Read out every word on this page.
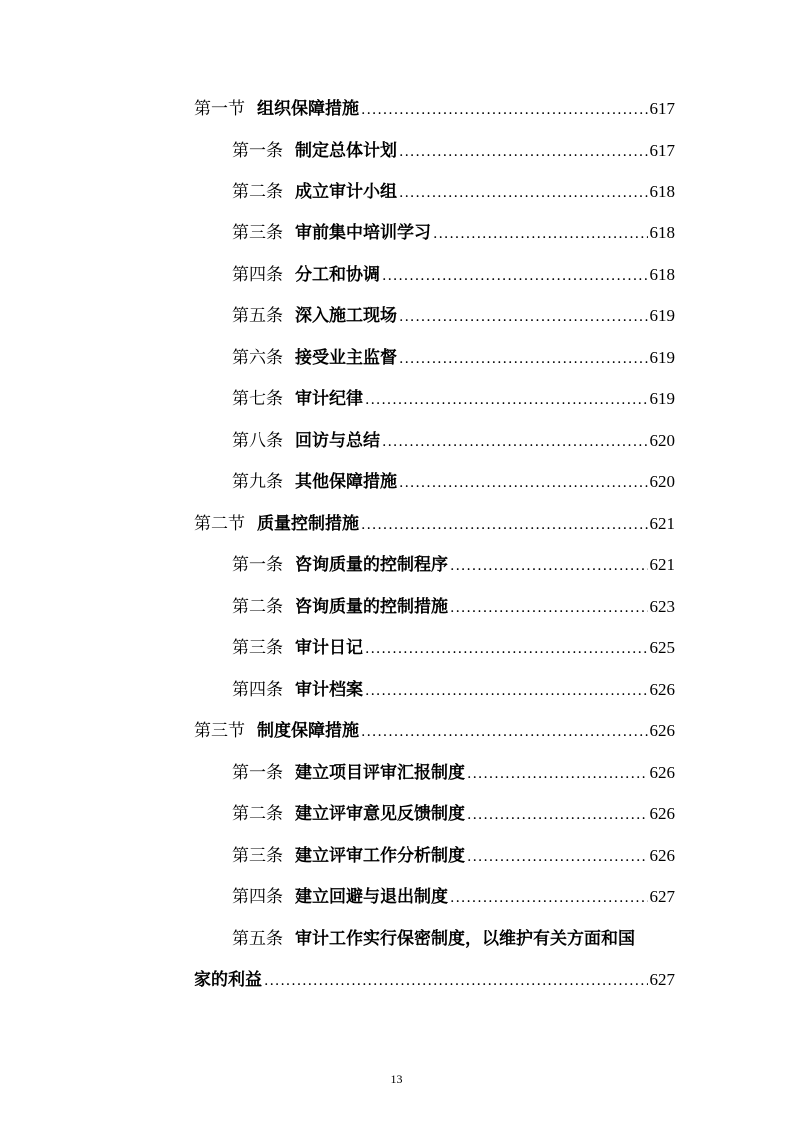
第一节 组织保障措施 .....	617
第一条 制定总体计划 .....	617
第二条 成立审计小组 .....	618
第三条 审前集中培训学习 .....	618
第四条 分工和协调 .....	618
第五条 深入施工现场 .....	619
第六条 接受业主监督 .....	619
第七条 审计纪律 .....	619
第八条 回访与总结 .....	620
第九条 其他保障措施 .....	620
第二节 质量控制措施 .....	621
第一条 咨询质量的控制程序 .....	621
第二条 咨询质量的控制措施 .....	623
第三条 审计日记 .....	625
第四条 审计档案 .....	626
第三节 制度保障措施 .....	626
第一条 建立项目评审汇报制度 .....	626
第二条 建立评审意见反馈制度 .....	626
第三条 建立评审工作分析制度 .....	626
第四条 建立回避与退出制度 .....	627
第五条 审计工作实行保密制度，以维护有关方面和国
家的利益 .....	627
13
